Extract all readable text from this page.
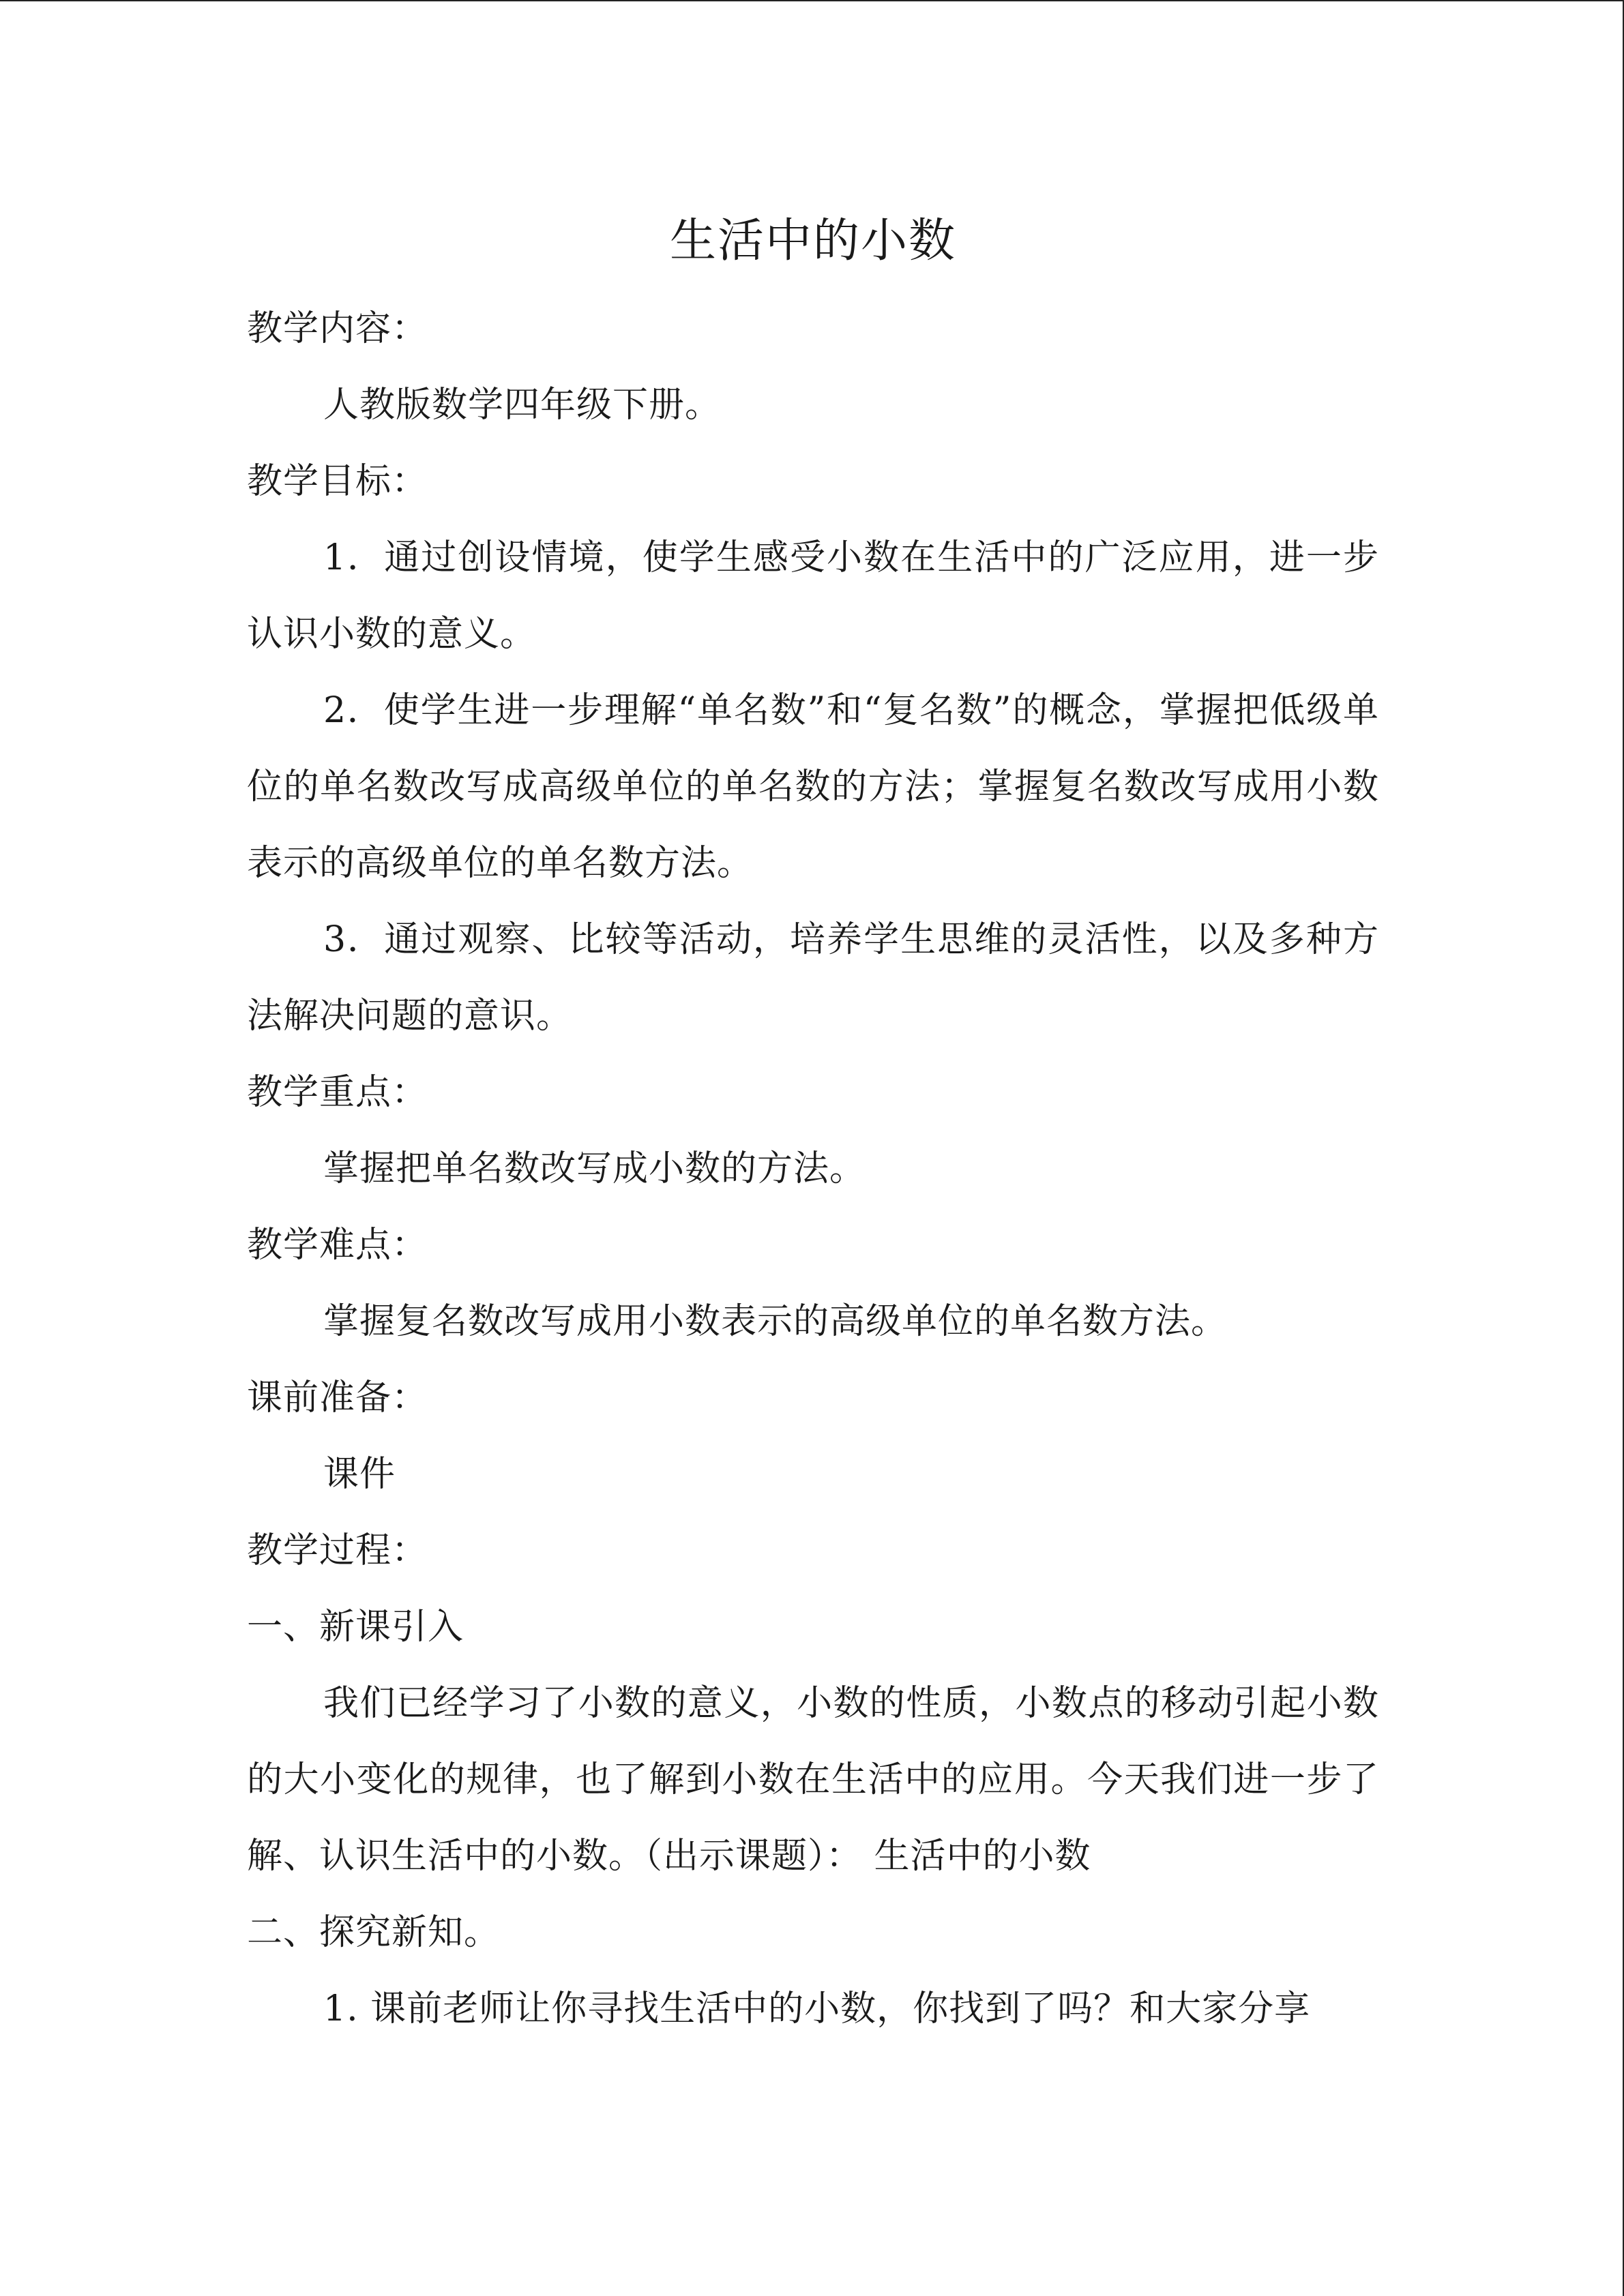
生活中的小数

教学内容：

人教版数学四年级下册。

教学目标：

1．通过创设情境，使学生感受小数在生活中的广泛应用，进一步认识小数的意义。

2．使学生进一步理解“单名数”和“复名数”的概念，掌握把低级单位的单名数改写成高级单位的单名数的方法；掌握复名数改写成用小数表示的高级单位的单名数方法。

3．通过观察、比较等活动，培养学生思维的灵活性，以及多种方法解决问题的意识。

教学重点：

掌握把单名数改写成小数的方法。

教学难点：

掌握复名数改写成用小数表示的高级单位的单名数方法。

课前准备：

课件

教学过程：

一、新课引入

我们已经学习了小数的意义，小数的性质，小数点的移动引起小数的大小变化的规律，也了解到小数在生活中的应用。今天我们进一步了解、认识生活中的小数。（出示课题）： 生活中的小数

二、探究新知。

1. 课前老师让你寻找生活中的小数，你找到了吗？和大家分享
